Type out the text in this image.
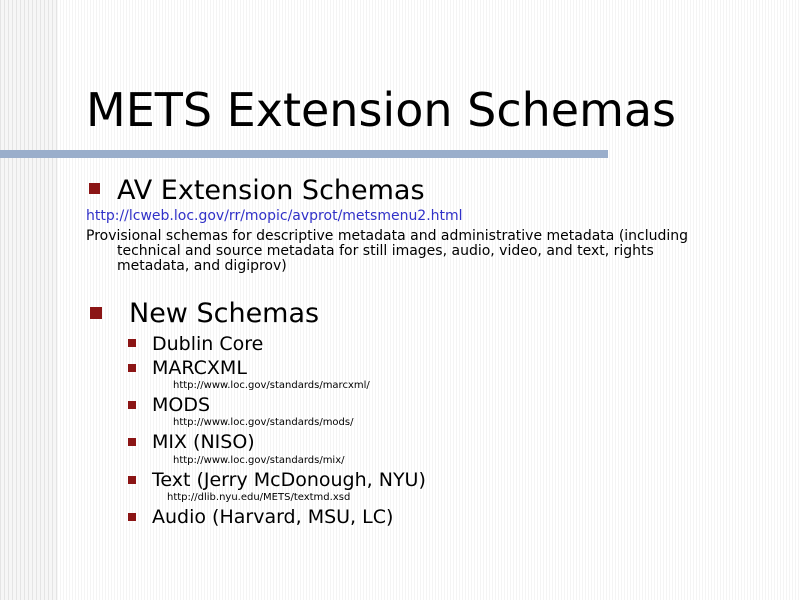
METS Extension Schemas
AV Extension Schemas
http://lcweb.loc.gov/rr/mopic/avprot/metsmenu2.html
Provisional schemas for descriptive metadata and administrative metadata (including
technical and source metadata for still images, audio, video, and text, rights
metadata, and digiprov)
New Schemas
Dublin Core
MARCXML
http://www.loc.gov/standards/marcxml/
MODS
http://www.loc.gov/standards/mods/
MIX (NISO)
http://www.loc.gov/standards/mix/
Text (Jerry McDonough, NYU)
http://dlib.nyu.edu/METS/textmd.xsd
Audio (Harvard, MSU, LC)
